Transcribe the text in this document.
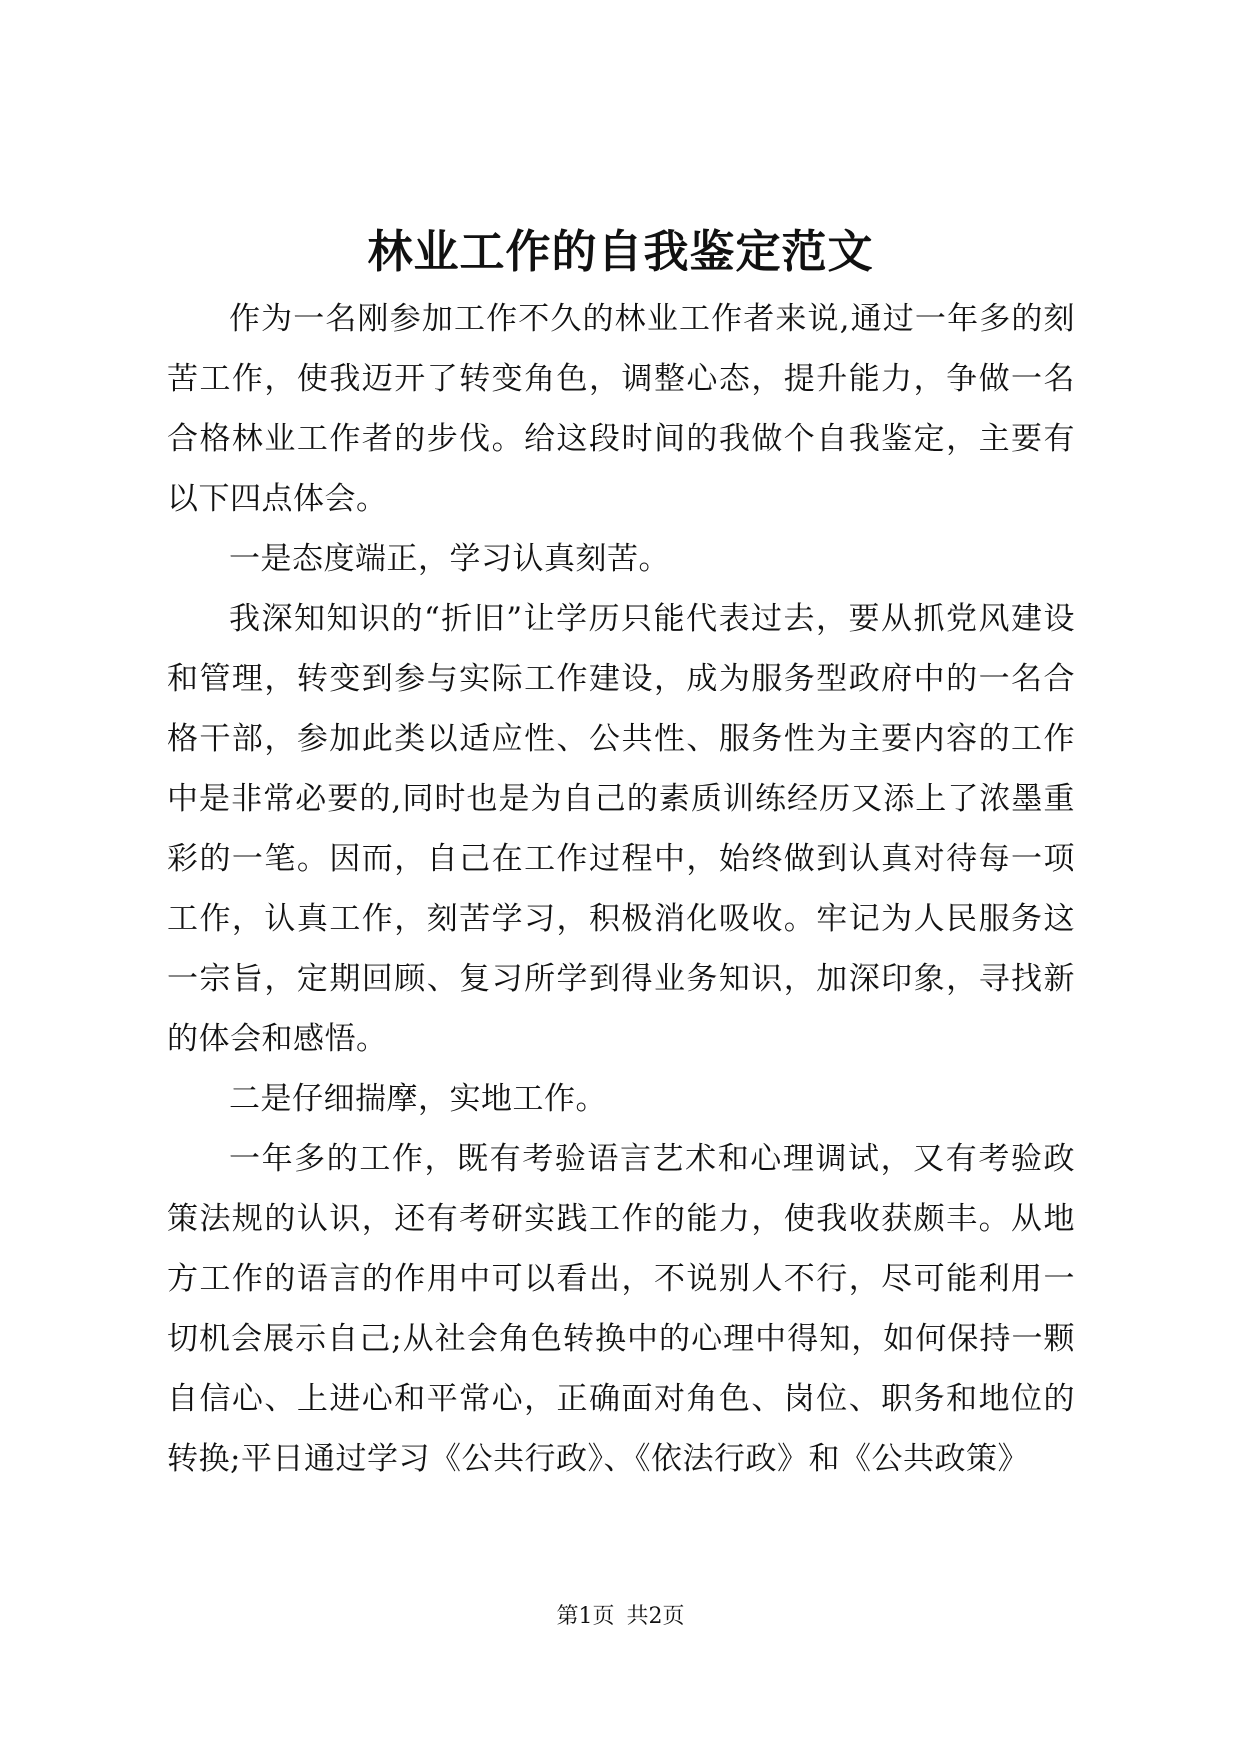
林业工作的自我鉴定范文

作为一名刚参加工作不久的林业工作者来说,通过一年多的刻苦工作，使我迈开了转变角色，调整心态，提升能力，争做一名合格林业工作者的步伐。给这段时间的我做个自我鉴定，主要有以下四点体会。

一是态度端正，学习认真刻苦。

我深知知识的“折旧”让学历只能代表过去，要从抓党风建设和管理，转变到参与实际工作建设，成为服务型政府中的一名合格干部，参加此类以适应性、公共性、服务性为主要内容的工作中是非常必要的,同时也是为自己的素质训练经历又添上了浓墨重彩的一笔。因而，自己在工作过程中，始终做到认真对待每一项工作，认真工作，刻苦学习，积极消化吸收。牢记为人民服务这一宗旨，定期回顾、复习所学到得业务知识，加深印象，寻找新的体会和感悟。

二是仔细揣摩，实地工作。

一年多的工作，既有考验语言艺术和心理调试，又有考验政策法规的认识，还有考研实践工作的能力，使我收获颇丰。从地方工作的语言的作用中可以看出，不说别人不行，尽可能利用一切机会展示自己;从社会角色转换中的心理中得知，如何保持一颗自信心、上进心和平常心，正确面对角色、岗位、职务和地位的转换;平日通过学习《公共行政》、《依法行政》和《公共政策》

第1页 共2页
